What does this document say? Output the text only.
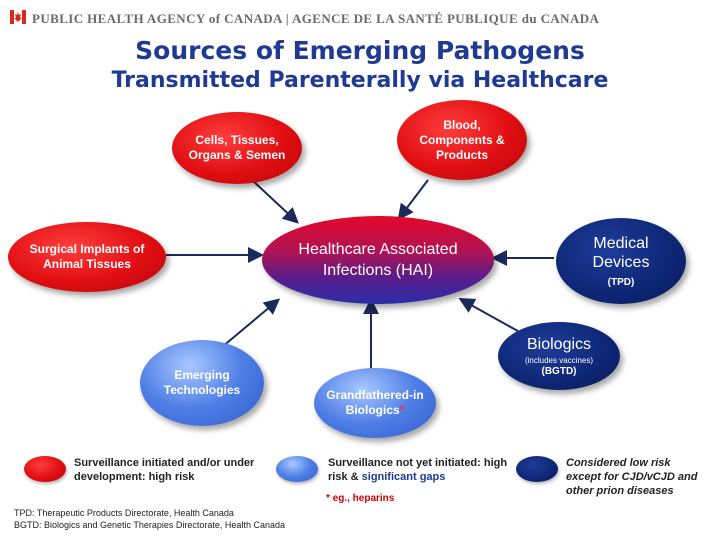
PUBLIC HEALTH AGENCY of CANADA | AGENCE DE LA SANTÉ PUBLIQUE du CANADA
Sources of Emerging Pathogens
Transmitted Parenterally via Healthcare
Cells, Tissues, Organs & Semen
Blood, Components & Products
Surgical Implants of Animal Tissues
Healthcare Associated Infections (HAI)
Medical Devices
(TPD)
Biologics
(includes vaccines)
(BGTD)
Emerging Technologies	Grandfathered-in Biologics*
Surveillance initiated and/or under development: high risk
Surveillance not yet initiated: high risk & significant gaps
* eg., heparins
Considered low risk except for CJD/vCJD and other prion diseases
TPD: Therapeutic Products Directorate, Health Canada
BGTD: Biologics and Genetic Therapies Directorate, Health Canada
